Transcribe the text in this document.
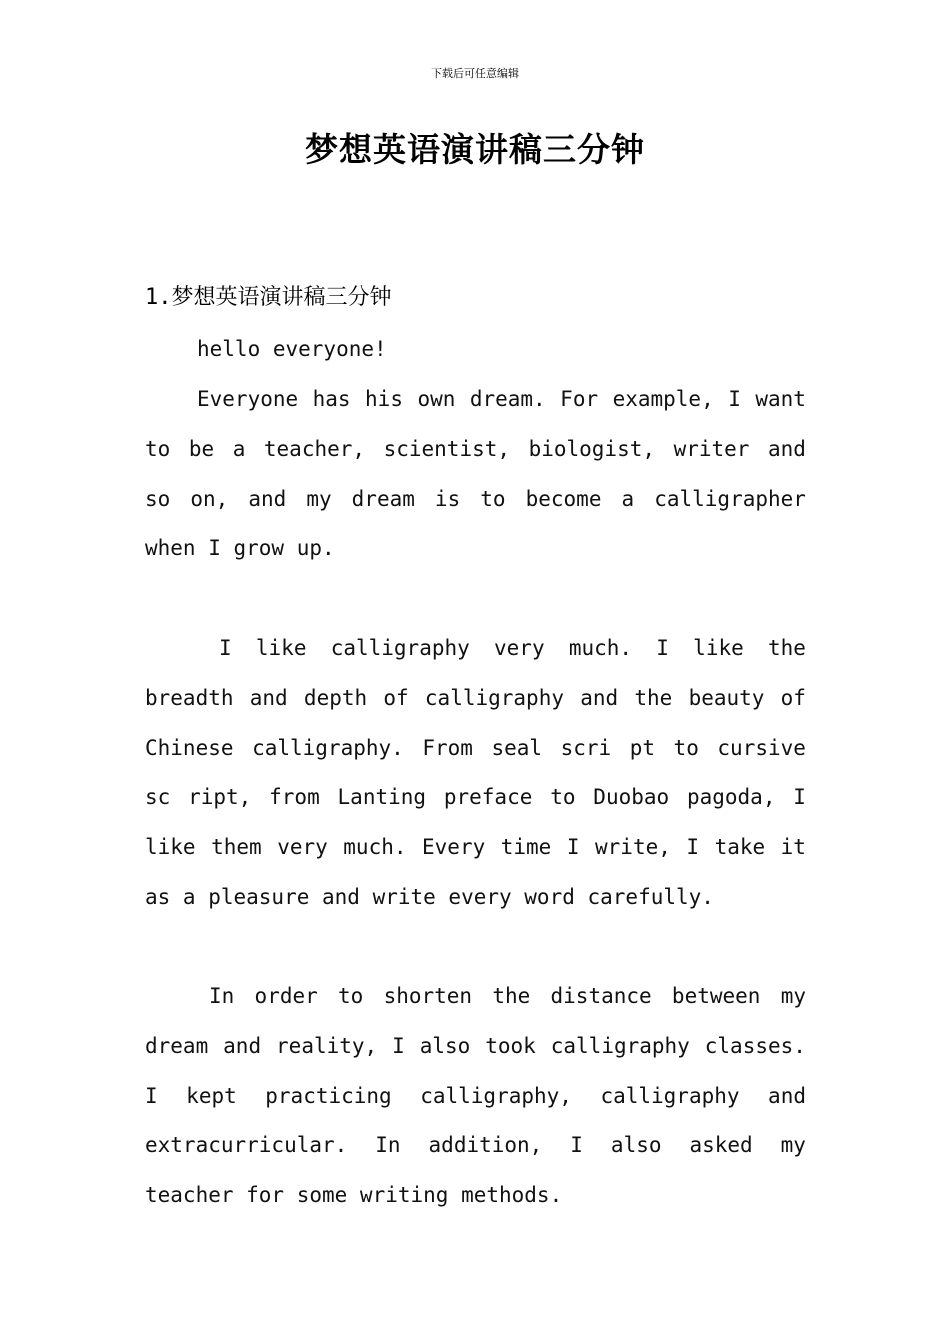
下载后可任意编辑
梦想英语演讲稿三分钟
1.梦想英语演讲稿三分钟
hello everyone!
Everyone has his own dream. For example, I want
to be a teacher, scientist, biologist, writer and
so on, and my dream is to become a calligrapher
when I grow up.
I like calligraphy very much. I like the
breadth and depth of calligraphy and the beauty of
Chinese calligraphy. From seal scri pt to cursive
sc ript, from Lanting preface to Duobao pagoda, I
like them very much. Every time I write, I take it
as a pleasure and write every word carefully.
In order to shorten the distance between my
dream and reality, I also took calligraphy classes.
I kept practicing calligraphy, calligraphy and
extracurricular. In addition, I also asked my
teacher for some writing methods.
